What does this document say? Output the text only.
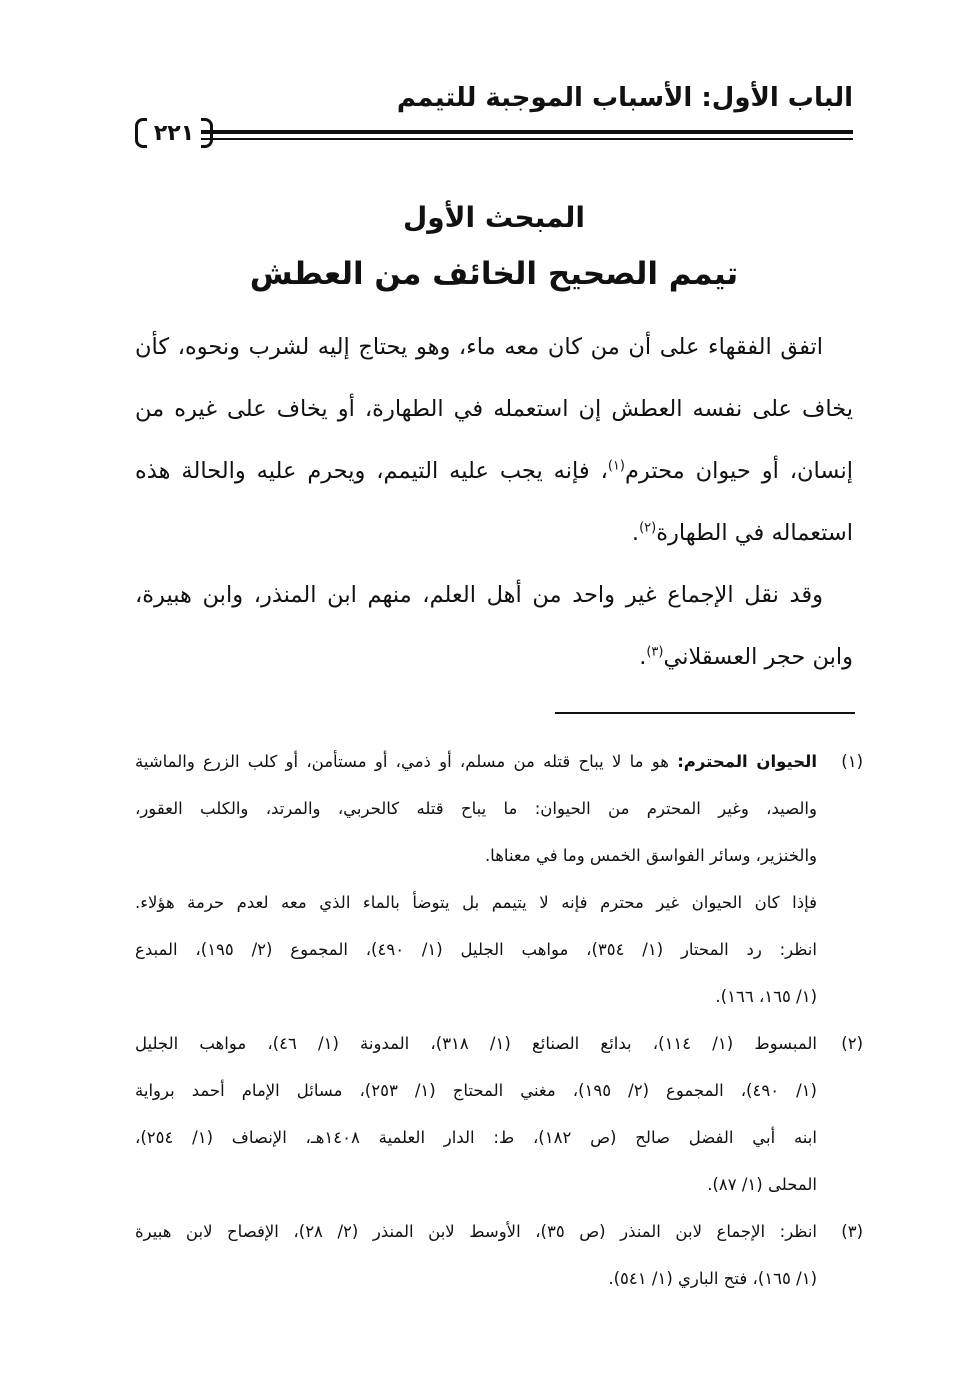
الباب الأول: الأسباب الموجبة للتيمم
٢٢١
المبحث الأول
تيمم الصحيح الخائف من العطش
اتفق الفقهاء على أن من كان معه ماء، وهو يحتاج إليه لشرب ونحوه، كأن
يخاف على نفسه العطش إن استعمله في الطهارة، أو يخاف على غيره من
إنسان، أو حيوان محترم$^{(١)}$، فإنه يجب عليه التيمم، ويحرم عليه والحالة هذه
استعماله في الطهارة$^{(٢)}$.
وقد نقل الإجماع غير واحد من أهل العلم، منهم ابن المنذر، وابن هبيرة،
وابن حجر العسقلاني$^{(٣)}$.
(١)
الحيوان المحترم: هو ما لا يباح قتله من مسلم، أو ذمي، أو مستأمن، أو كلب الزرع والماشية
والصيد، وغير المحترم من الحيوان: ما يباح قتله كالحربي، والمرتد، والكلب العقور،
والخنزير، وسائر الفواسق الخمس وما في معناها.
فإذا كان الحيوان غير محترم فإنه لا يتيمم بل يتوضأ بالماء الذي معه لعدم حرمة هؤلاء.
انظر: رد المحتار (١/ ٣٥٤)، مواهب الجليل (١/ ٤٩٠)، المجموع (٢/ ١٩٥)، المبدع
(١/ ١٦٥، ١٦٦).
(٢)
المبسوط (١/ ١١٤)، بدائع الصنائع (١/ ٣١٨)، المدونة (١/ ٤٦)، مواهب الجليل
(١/ ٤٩٠)، المجموع (٢/ ١٩٥)، مغني المحتاج (١/ ٢٥٣)، مسائل الإمام أحمد برواية
ابنه أبي الفضل صالح (ص ١٨٢)، ط: الدار العلمية ١٤٠٨هـ، الإنصاف (١/ ٢٥٤)،
المحلى (١/ ٨٧).
(٣)
انظر: الإجماع لابن المنذر (ص ٣٥)، الأوسط لابن المنذر (٢/ ٢٨)، الإفصاح لابن هبيرة
(١/ ١٦٥)، فتح الباري (١/ ٥٤١).
